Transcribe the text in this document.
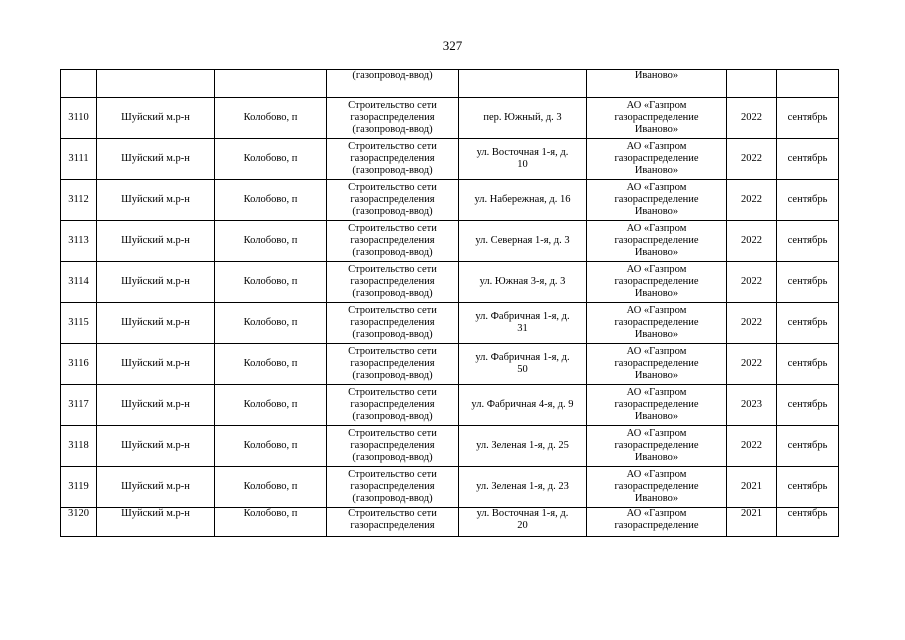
327
			(газопровод-ввод)		Иваново»		
3110	Шуйский м.р-н	Колобово, п	Строительство сети
газораспределения
(газопровод-ввод)	пер. Южный, д. 3	АО «Газпром
газораспределение
Иваново»	2022	сентябрь
3111	Шуйский м.р-н	Колобово, п	Строительство сети
газораспределения
(газопровод-ввод)	ул. Восточная 1-я, д.
10	АО «Газпром
газораспределение
Иваново»	2022	сентябрь
3112	Шуйский м.р-н	Колобово, п	Строительство сети
газораспределения
(газопровод-ввод)	ул. Набережная, д. 16	АО «Газпром
газораспределение
Иваново»	2022	сентябрь
3113	Шуйский м.р-н	Колобово, п	Строительство сети
газораспределения
(газопровод-ввод)	ул. Северная 1-я, д. 3	АО «Газпром
газораспределение
Иваново»	2022	сентябрь
3114	Шуйский м.р-н	Колобово, п	Строительство сети
газораспределения
(газопровод-ввод)	ул. Южная 3-я, д. 3	АО «Газпром
газораспределение
Иваново»	2022	сентябрь
3115	Шуйский м.р-н	Колобово, п	Строительство сети
газораспределения
(газопровод-ввод)	ул. Фабричная 1-я, д.
31	АО «Газпром
газораспределение
Иваново»	2022	сентябрь
3116	Шуйский м.р-н	Колобово, п	Строительство сети
газораспределения
(газопровод-ввод)	ул. Фабричная 1-я, д.
50	АО «Газпром
газораспределение
Иваново»	2022	сентябрь
3117	Шуйский м.р-н	Колобово, п	Строительство сети
газораспределения
(газопровод-ввод)	ул. Фабричная 4-я, д. 9	АО «Газпром
газораспределение
Иваново»	2023	сентябрь
3118	Шуйский м.р-н	Колобово, п	Строительство сети
газораспределения
(газопровод-ввод)	ул. Зеленая 1-я, д. 25	АО «Газпром
газораспределение
Иваново»	2022	сентябрь
3119	Шуйский м.р-н	Колобово, п	Строительство сети
газораспределения
(газопровод-ввод)	ул. Зеленая 1-я, д. 23	АО «Газпром
газораспределение
Иваново»	2021	сентябрь
3120	Шуйский м.р-н	Колобово, п	Строительство сети
газораспределения	ул. Восточная 1-я, д.
20	АО «Газпром
газораспределение	2021	сентябрь
